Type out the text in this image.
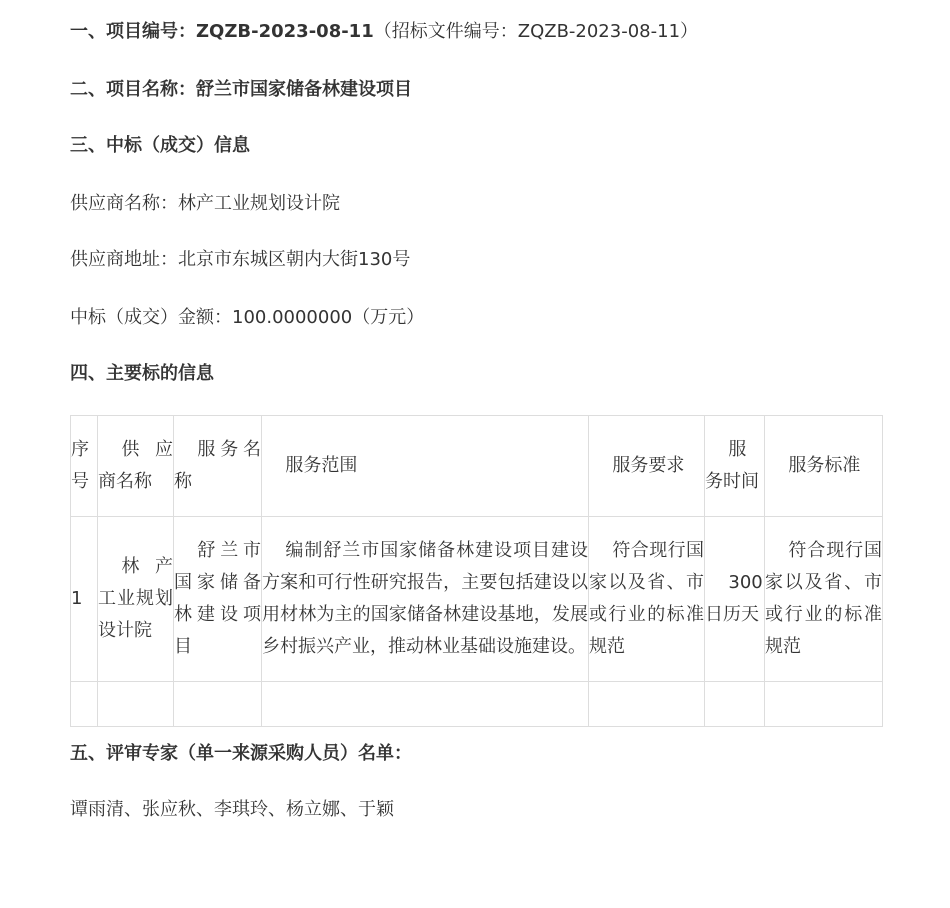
一、项目编号：ZQZB-2023-08-11（招标文件编号：ZQZB-2023-08-11）
二、项目名称：舒兰市国家储备林建设项目
三、中标（成交）信息
供应商名称：林产工业规划设计院
供应商地址：北京市东城区朝内大街130号
中标（成交）金额：100.0000000（万元）
四、主要标的信息
序号	供应商名称	服务名称	服务范围	服务要求	服务时间	服务标准
1	林产工业规划设计院	舒兰市国家储备林建设项目	编制舒兰市国家储备林建设项目建设方案和可行性研究报告，主要包括建设以用材林为主的国家储备林建设基地，发展乡村振兴产业，推动林业基础设施建设。	符合现行国家以及省、市或行业的标准规范	300日历天	符合现行国家以及省、市或行业的标准规范

五、评审专家（单一来源采购人员）名单：
谭雨清、张应秋、李琪玲、杨立娜、于颖
